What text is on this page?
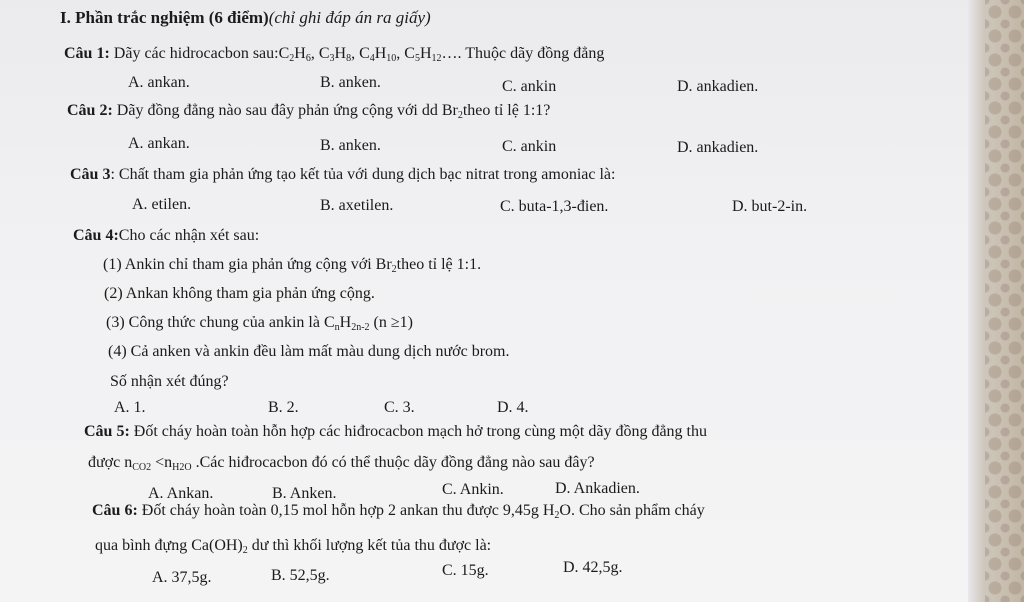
I. Phần trắc nghiệm (6 điểm)(chỉ ghi đáp án ra giấy)
Câu 1: Dãy các hidrocacbon $sau:C_2H_6$, $C_3H_8$, $C_4H_{10}$, $C_5H_{12}\dots$. Thuộc dãy đồng đẳng
A. ankan.	B. anken.	C. ankin	D. ankadien.
Câu 2: Dãy đồng đẳng nào sau đây phản ứng cộng với dd $Br_2theo$ tỉ lệ 1:1?
A. ankan.	B. anken.	C. ankin	D. ankadien.
Câu 3: Chất tham gia phản ứng tạo kết tủa với dung dịch bạc nitrat trong amoniac là:
A. etilen.	B. axetilen.	C. buta-1,3-đien.	D. but-2-in.
Câu 4:Cho các nhận xét sau:
(1) Ankin chỉ tham gia phản ứng cộng với $Br_2theo$ tỉ lệ 1:1.
(2) Ankan không tham gia phản ứng cộng.
(3) Công thức chung của ankin là $C_nH_{2n-2}$ (n ≥1)
(4) Cả anken và ankin đều làm mất màu dung dịch nước brom.
Số nhận xét đúng?
A. 1.	B. 2.	C. 3.	D. 4.
Câu 5: Đốt cháy hoàn toàn hỗn hợp các hiđrocacbon mạch hở trong cùng một dãy đồng đẳng thu
được $n_{CO2} <n_{H2O}$ .Các hiđrocacbon đó có thể thuộc dãy đồng đẳng nào sau đây?
A. Ankan.	B. Anken.	C. Ankin.	D. Ankadien.
Câu 6: Đốt cháy hoàn toàn 0,15 mol hỗn hợp 2 ankan thu được 9,45g $H_2O$. Cho sản phẩm cháy
qua bình đựng $Ca(OH)_2$ dư thì khối lượng kết tủa thu được là:
A. 37,5g.	B. 52,5g.	C. 15g.	D. 42,5g.
